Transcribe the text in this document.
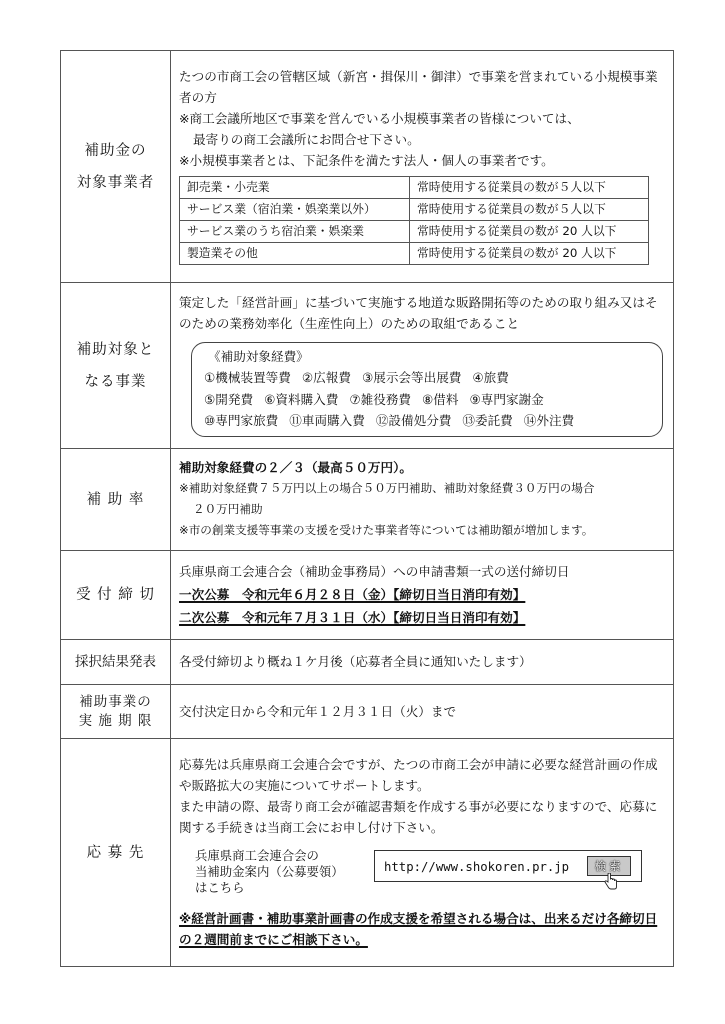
補助金の
対象事業者

たつの市商工会の管轄区域（新宮・揖保川・御津）で事業を営まれている小規模事業者の方
※商工会議所地区で事業を営んでいる小規模事業者の皆様については、
最寄りの商工会議所にお問合せ下さい。
※小規模事業者とは、下記条件を満たす法人・個人の事業者です。
卸売業・小売業	常時使用する従業員の数が５人以下
サービス業（宿泊業・娯楽業以外）	常時使用する従業員の数が５人以下
サービス業のうち宿泊業・娯楽業	常時使用する従業員の数が 20 人以下
製造業その他	常時使用する従業員の数が 20 人以下

補助対象と
なる事業

策定した「経営計画」に基づいて実施する地道な販路開拓等のための取り組み又はそのための業務効率化（生産性向上）のための取組であること
《補助対象経費》
①機械装置等費 ②広報費 ③展示会等出展費 ④旅費
⑤開発費 ⑥資料購入費 ⑦雑役務費 ⑧借料 ⑨専門家謝金
⑩専門家旅費 ⑪車両購入費 ⑫設備処分費 ⑬委託費 ⑭外注費

補 助 率

補助対象経費の２／３（最高５０万円）。
※補助対象経費７５万円以上の場合５０万円補助、補助対象経費３０万円の場合
２０万円補助
※市の創業支援等事業の支援を受けた事業者等については補助額が増加します。

受 付 締 切

兵庫県商工会連合会（補助金事務局）への申請書類一式の送付締切日
一次公募　令和元年６月２８日（金）【締切日当日消印有効】
二次公募　令和元年７月３１日（水）【締切日当日消印有効】

採択結果発表	各受付締切より概ね１ケ月後（応募者全員に通知いたします）

補助事業の
実 施 期 限
	交付決定日から令和元年１２月３１日（火）まで

応 募 先

応募先は兵庫県商工会連合会ですが、たつの市商工会が申請に必要な経営計画の作成や販路拡大の実施についてサポートします。
また申請の際、最寄り商工会が確認書類を作成する事が必要になりますので、応募に関する手続きは当商工会にお申し付け下さい。
兵庫県商工会連合会の
当補助金案内（公募要領）
はこちら
http://www.shokoren.pr.jp	検索
※経営計画書・補助事業計画書の作成支援を希望される場合は、出来るだけ各締切日の２週間前までにご相談下さい。
